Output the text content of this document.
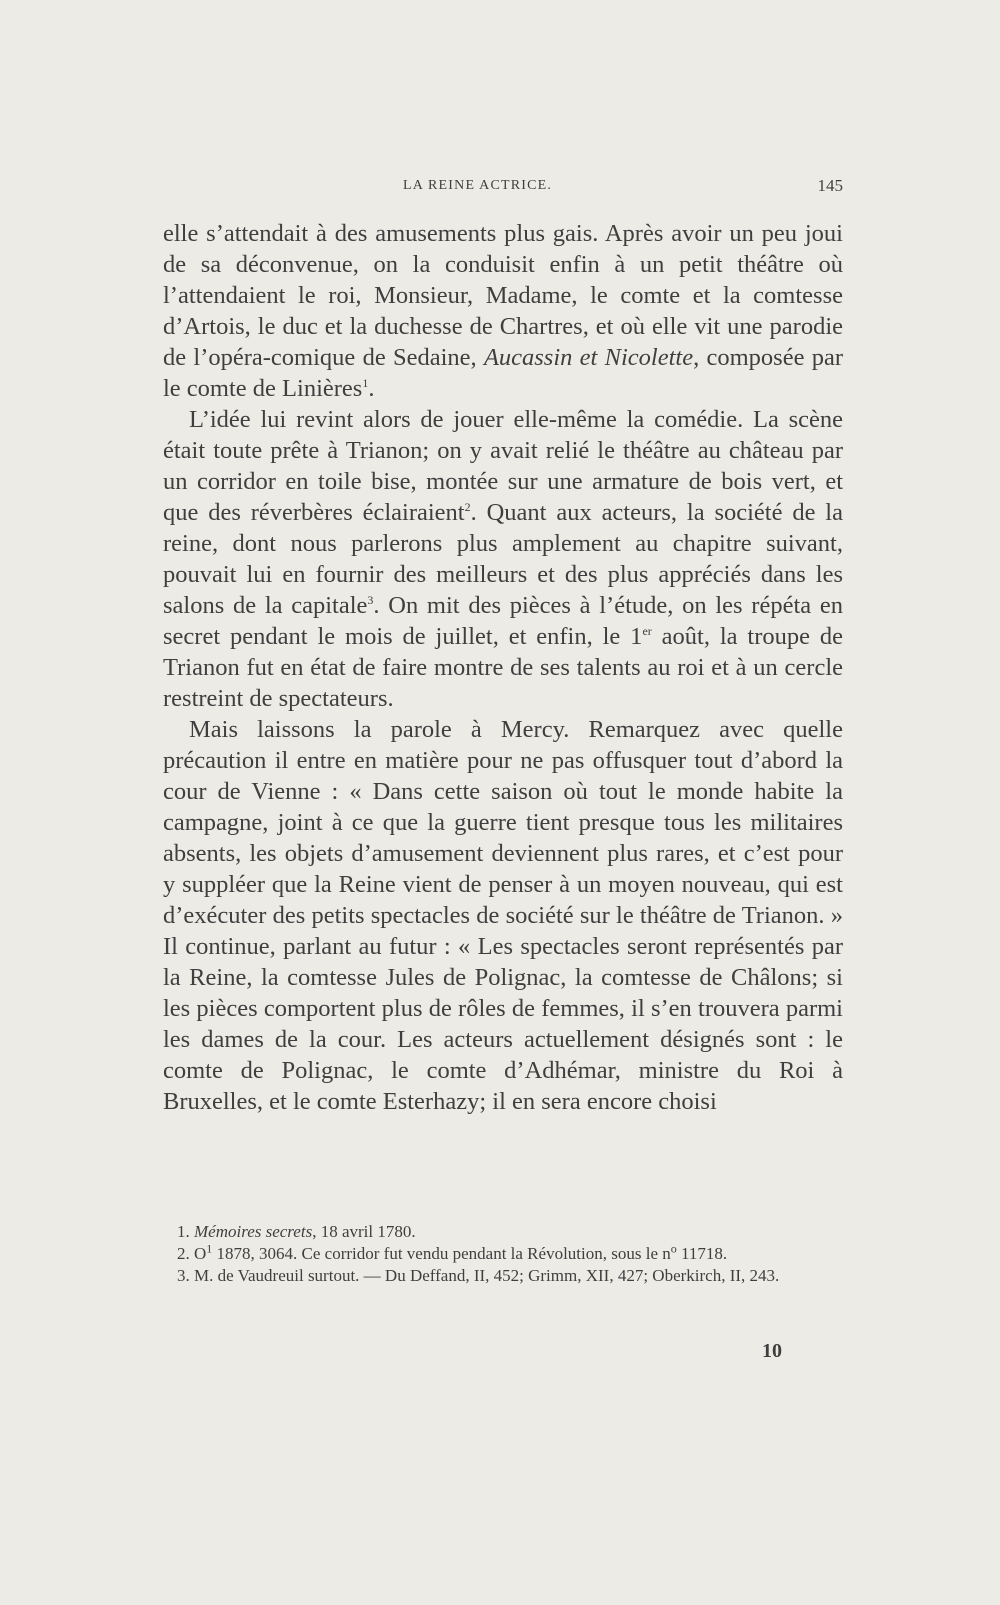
LA REINE ACTRICE.	145

elle s’attendait à des amusements plus gais. Après avoir un peu joui de sa déconvenue, on la conduisit enfin à un petit théâtre où l’attendaient le roi, Monsieur, Madame, le comte et la comtesse d’Artois, le duc et la duchesse de Chartres, et où elle vit une parodie de l’opéra-comique de Sedaine, Aucassin et Nicolette, composée par le comte de Linières$^1$.

L’idée lui revint alors de jouer elle-même la comédie. La scène était toute prête à Trianon; on y avait relié le théâtre au château par un corridor en toile bise, montée sur une armature de bois vert, et que des réverbères éclairaient$^2$. Quant aux acteurs, la société de la reine, dont nous parlerons plus amplement au chapitre suivant, pouvait lui en fournir des meilleurs et des plus appréciés dans les salons de la capitale$^3$. On mit des pièces à l’étude, on les répéta en secret pendant le mois de juillet, et enfin, le 1er août, la troupe de Trianon fut en état de faire montre de ses talents au roi et à un cercle restreint de spectateurs.

Mais laissons la parole à Mercy. Remarquez avec quelle précaution il entre en matière pour ne pas offusquer tout d’abord la cour de Vienne : « Dans cette saison où tout le monde habite la campagne, joint à ce que la guerre tient presque tous les militaires absents, les objets d’amusement deviennent plus rares, et c’est pour y suppléer que la Reine vient de penser à un moyen nouveau, qui est d’exécuter des petits spectacles de société sur le théâtre de Trianon. » Il continue, parlant au futur : « Les spectacles seront représentés par la Reine, la comtesse Jules de Polignac, la comtesse de Châlons; si les pièces comportent plus de rôles de femmes, il s’en trouvera parmi les dames de la cour. Les acteurs actuellement désignés sont : le comte de Polignac, le comte d’Adhémar, ministre du Roi à Bruxelles, et le comte Esterhazy; il en sera encore choisi

1. Mémoires secrets, 18 avril 1780.

2. $O^1$ 1878, 3064. Ce corridor fut vendu pendant la Révolution, sous le $n^o$ 11718.

3. M. de Vaudreuil surtout. — Du Deffand, II, 452; Grimm, XII, 427; Oberkirch, II, 243.

10
